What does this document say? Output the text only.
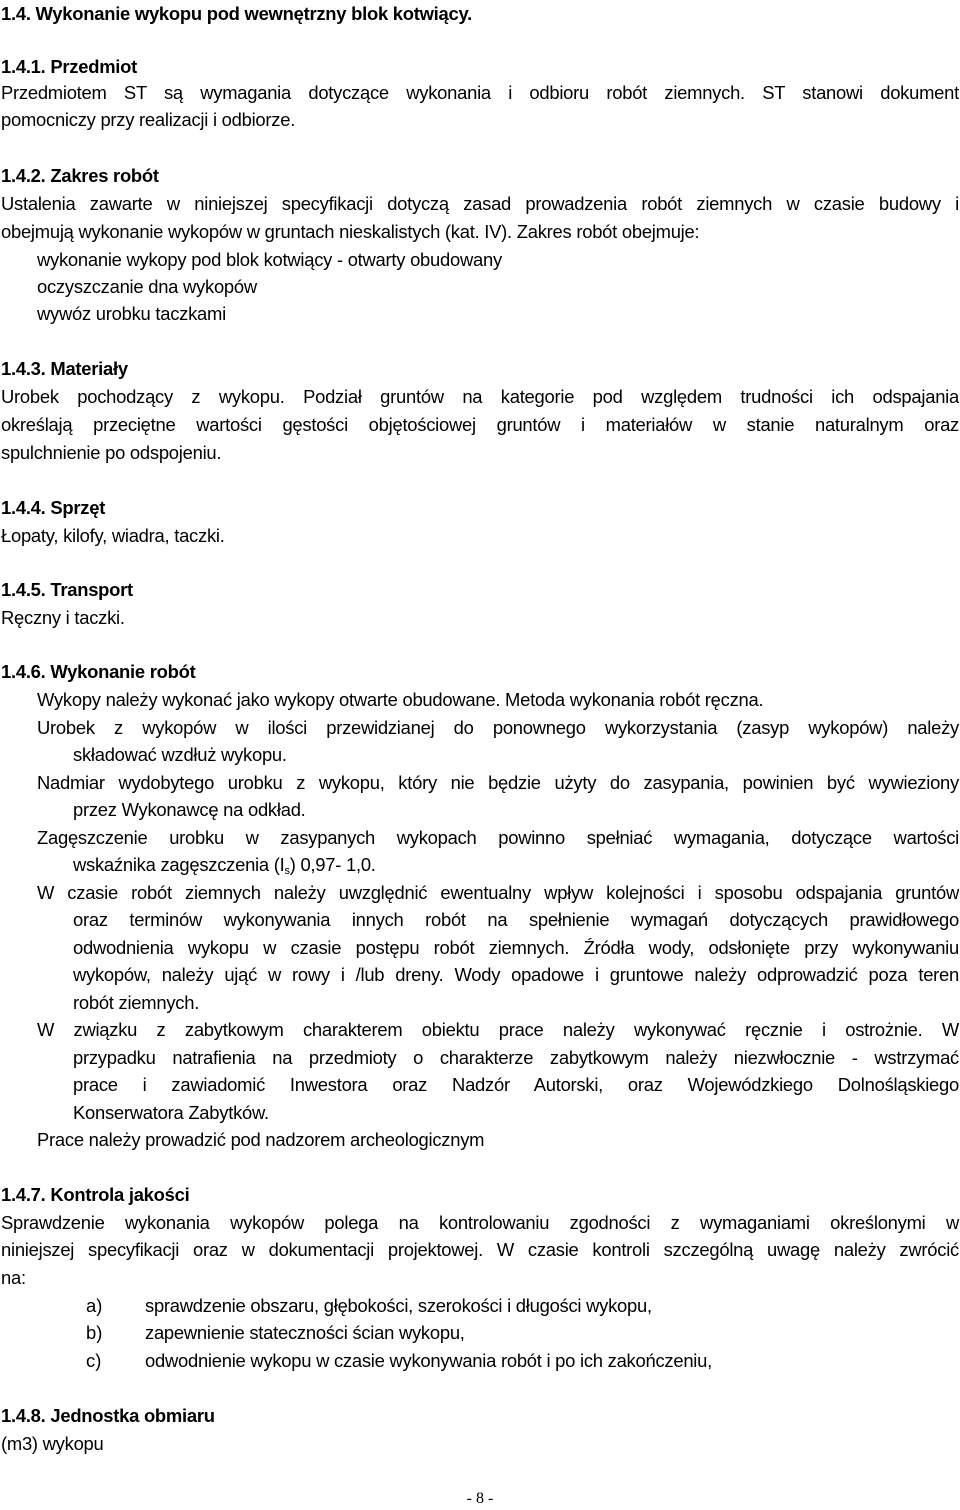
1.4. Wykonanie wykopu pod wewnętrzny blok kotwiący.
1.4.1. Przedmiot
Przedmiotem ST są wymagania dotyczące wykonania i odbioru robót ziemnych. ST stanowi dokument
pomocniczy przy realizacji i odbiorze.
1.4.2. Zakres robót
Ustalenia zawarte w niniejszej specyfikacji dotyczą zasad prowadzenia robót ziemnych w czasie budowy i
obejmują wykonanie wykopów w gruntach nieskalistych (kat. IV). Zakres robót obejmuje:
wykonanie wykopy pod blok kotwiący - otwarty obudowany
oczyszczanie dna wykopów
wywóz urobku taczkami
1.4.3. Materiały
Urobek pochodzący z wykopu. Podział gruntów na kategorie pod względem trudności ich odspajania
określają przeciętne wartości gęstości objętościowej gruntów i materiałów w stanie naturalnym oraz
spulchnienie po odspojeniu.
1.4.4. Sprzęt
Łopaty, kilofy, wiadra, taczki.
1.4.5. Transport
Ręczny i taczki.
1.4.6. Wykonanie robót
Wykopy należy wykonać jako wykopy otwarte obudowane. Metoda wykonania robót ręczna.
Urobek z wykopów w ilości przewidzianej do ponownego wykorzystania (zasyp wykopów) należy
składować wzdłuż wykopu.
Nadmiar wydobytego urobku z wykopu, który nie będzie użyty do zasypania, powinien być wywieziony
przez Wykonawcę na odkład.
Zagęszczenie urobku w zasypanych wykopach powinno spełniać wymagania, dotyczące wartości
wskaźnika zagęszczenia $(I_s)$ 0,97- 1,0.
W czasie robót ziemnych należy uwzględnić ewentualny wpływ kolejności i sposobu odspajania gruntów
oraz terminów wykonywania innych robót na spełnienie wymagań dotyczących prawidłowego
odwodnienia wykopu w czasie postępu robót ziemnych. Źródła wody, odsłonięte przy wykonywaniu
wykopów, należy ująć w rowy i /lub dreny. Wody opadowe i gruntowe należy odprowadzić poza teren
robót ziemnych.
W związku z zabytkowym charakterem obiektu prace należy wykonywać ręcznie i ostrożnie. W
przypadku natrafienia na przedmioty o charakterze zabytkowym należy niezwłocznie - wstrzymać
prace i zawiadomić Inwestora oraz Nadzór Autorski, oraz Wojewódzkiego Dolnośląskiego
Konserwatora Zabytków.
Prace należy prowadzić pod nadzorem archeologicznym
1.4.7. Kontrola jakości
Sprawdzenie wykonania wykopów polega na kontrolowaniu zgodności z wymaganiami określonymi w
niniejszej specyfikacji oraz w dokumentacji projektowej. W czasie kontroli szczególną uwagę należy zwrócić
na:
a) sprawdzenie obszaru, głębokości, szerokości i długości wykopu,
b) zapewnienie stateczności ścian wykopu,
c) odwodnienie wykopu w czasie wykonywania robót i po ich zakończeniu,
1.4.8. Jednostka obmiaru
(m3) wykopu
- 8 -
